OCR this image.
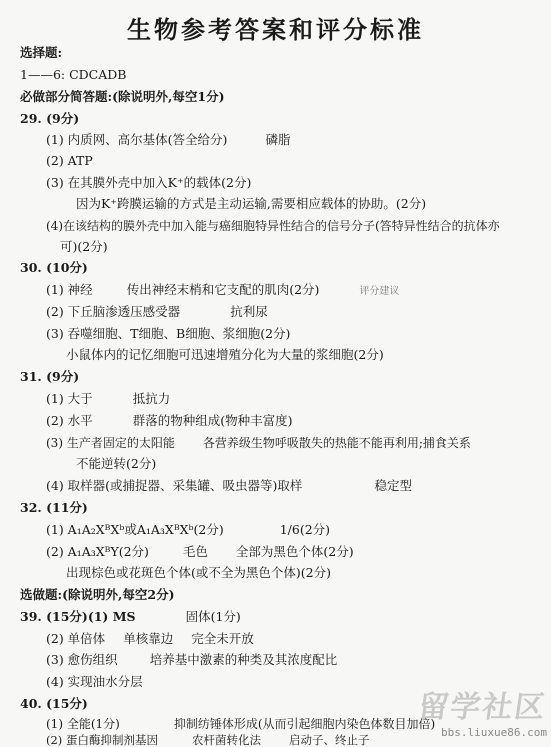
生物参考答案和评分标准
选择题:
1——6: CDCADB
必做部分简答题:(除说明外,每空1分)
29. (9分)
(1) 内质网、高尔基体(答全给分)	磷脂
(2) ATP
(3) 在其膜外壳中加入K⁺的载体(2分)
因为K⁺跨膜运输的方式是主动运输,需要相应载体的协助。(2分)
(4)在该结构的膜外壳中加入能与癌细胞特异性结合的信号分子(答特异性结合的抗体亦
可)(2分)
30. (10分)
(1) 神经	传出神经末梢和它支配的肌肉(2分)	评分建议
(2) 下丘脑渗透压感受器	抗利尿
(3) 吞噬细胞、T细胞、B细胞、浆细胞(2分)
小鼠体内的记忆细胞可迅速增殖分化为大量的浆细胞(2分)
31. (9分)
(1) 大于	抵抗力
(2) 水平	群落的物种组成(物种丰富度)
(3) 生产者固定的太阳能 各营养级生物呼吸散失的热能不能再利用;捕食关系
不能逆转(2分)
(4) 取样器(或捕捉器、采集罐、吸虫器等)取样	稳定型
32. (11分)
(1) A₁A₂XᴮXᵇ或A₁A₃XᴮXᵇ(2分)	1/6(2分)
(2) A₁A₃XᴮY(2分)	毛色 全部为黑色个体(2分)
出现棕色或花斑色个体(或不全为黑色个体)(2分)
选做题:(除说明外,每空2分)
39. (15分)(1) MS	固体(1分)
(2) 单倍体 单核靠边 完全未开放
(3) 愈伤组织	培养基中激素的种类及其浓度配比
(4) 实现油水分层
40. (15分)
(1) 全能(1分)	抑制纺锤体形成(从而引起细胞内染色体数目加倍)
(2) 蛋白酶抑制剂基因	农杆菌转化法 启动子、终止子
留学社区
bbs.liuxue86.com
